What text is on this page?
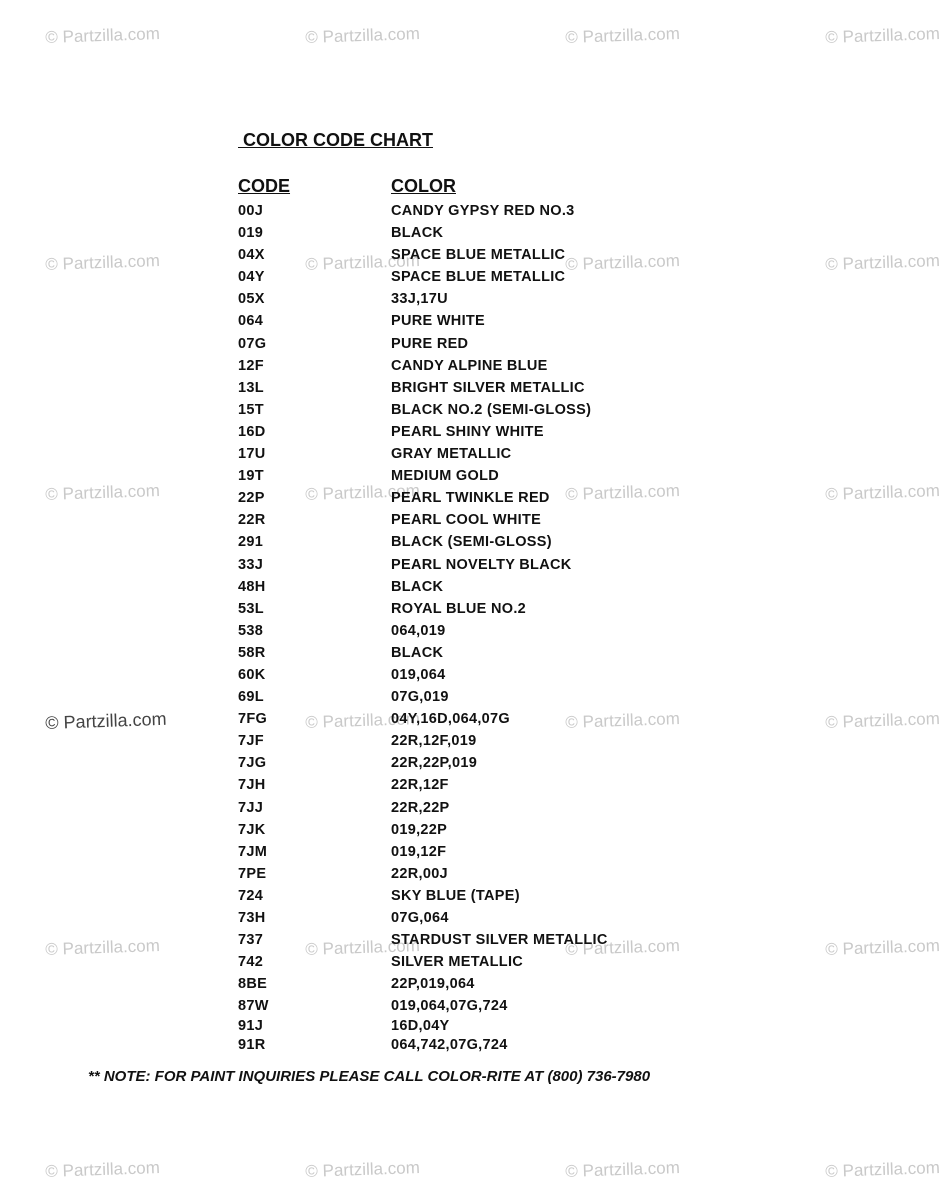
© Partzilla.com	© Partzilla.com	© Partzilla.com	© Partzilla.com
© Partzilla.com	© Partzilla.com	© Partzilla.com	© Partzilla.com
© Partzilla.com	© Partzilla.com	© Partzilla.com	© Partzilla.com
© Partzilla.com	© Partzilla.com	© Partzilla.com	© Partzilla.com
© Partzilla.com	© Partzilla.com	© Partzilla.com	© Partzilla.com
© Partzilla.com	© Partzilla.com	© Partzilla.com	© Partzilla.com
COLOR CODE CHART
CODE	COLOR
00J	CANDY GYPSY RED NO.3
019	BLACK
04X	SPACE BLUE METALLIC
04Y	SPACE BLUE METALLIC
05X	33J,17U
064	PURE WHITE
07G	PURE RED
12F	CANDY ALPINE BLUE
13L	BRIGHT SILVER METALLIC
15T	BLACK NO.2 (SEMI-GLOSS)
16D	PEARL SHINY WHITE
17U	GRAY METALLIC
19T	MEDIUM GOLD
22P	PEARL TWINKLE RED
22R	PEARL COOL WHITE
291	BLACK (SEMI-GLOSS)
33J	PEARL NOVELTY BLACK
48H	BLACK
53L	ROYAL BLUE NO.2
538	064,019
58R	BLACK
60K	019,064
69L	07G,019
7FG	04Y,16D,064,07G
7JF	22R,12F,019
7JG	22R,22P,019
7JH	22R,12F
7JJ	22R,22P
7JK	019,22P
7JM	019,12F
7PE	22R,00J
724	SKY BLUE (TAPE)
73H	07G,064
737	STARDUST SILVER METALLIC
742	SILVER METALLIC
8BE	22P,019,064
87W	019,064,07G,724
91J	16D,04Y
91R	064,742,07G,724
** NOTE: FOR PAINT INQUIRIES PLEASE CALL COLOR-RITE AT (800) 736-7980
